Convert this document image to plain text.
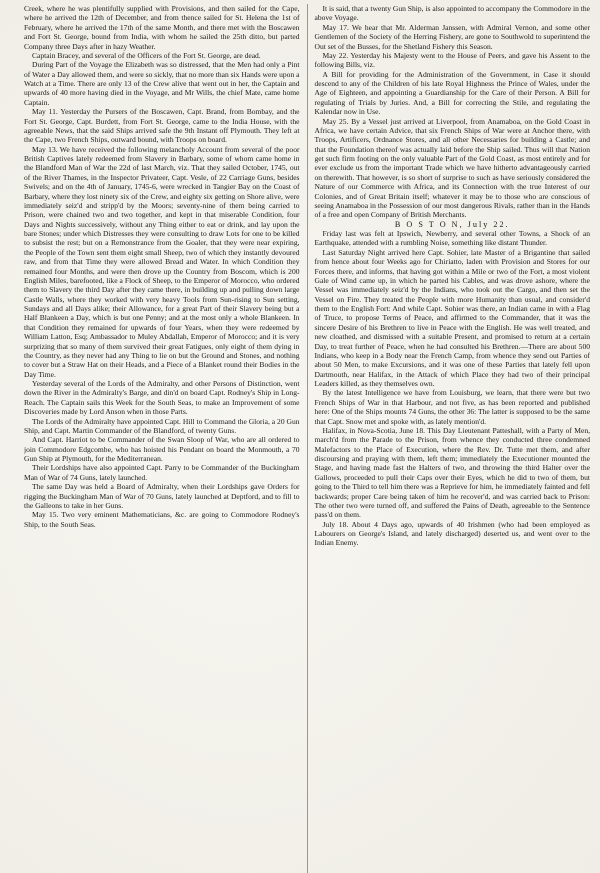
Creek, where he was plentifully supplied with Provisions, and then sailed for the Cape, where he arrived the 12th of December, and from thence sailed for St. Helena the 1st of February, where he arrived the 17th of the same Month, and there met with the Boscawen and Fort St. George, bound from India, with whom he sailed the 25th ditto, but parted Company three Days after in hazy Weather.

Captain Bracey, and several of the Officers of the Fort St. George, are dead.

During Part of the Voyage the Elizabeth was so distressed, that the Men had only a Pint of Water a Day allowed them, and were so sickly, that no more than six Hands were upon a Watch at a Time. There are only 13 of the Crew alive that went out in her, the Captain and upwards of 40 more having died in the Voyage, and Mr Wills, the chief Mate, came home Captain.

May 11. Yesterday the Pursers of the Boscawen, Capt. Brand, from Bombay, and the Fort St. George, Capt. Burdett, from Fort St. George, came to the India House, with the agreeable News, that the said Ships arrived safe the 9th Instant off Plymouth. They left at the Cape, two French Ships, outward bound, with Troops on board.

May 13. We have received the following melancholy Account from several of the poor British Captives lately redeemed from Slavery in Barbary, some of whom came home in the Blandford Man of War the 22d of last March, viz. That they sailed October, 1745, out of the River Thames, in the Inspector Privateer, Capt. Vesle, of 22 Carriage Guns, besides Swivels; and on the 4th of January, 1745-6, were wrecked in Tangier Bay on the Coast of Barbary, where they lost ninety six of the Crew, and eighty six getting on Shore alive, were immediately seiz'd and stripp'd by the Moors; seventy-nine of them being carried to Prison, were chained two and two together, and kept in that miserable Condition, four Days and Nights successively, without any Thing either to eat or drink, and lay upon the bare Stones; under which Distresses they were consulting to draw Lots for one to be killed to subsist the rest; but on a Remonstrance from the Goaler, that they were near expiring, the People of the Town sent them eight small Sheep, two of which they instantly devoured raw, and from that Time they were allowed Bread and Water. In which Condition they remained four Months, and were then drove up the Country from Boscom, which is 200 English Miles, barefooted, like a Flock of Sheep, to the Emperor of Morocco, who ordered them to Slavery the third Day after they came there, in building up and pulling down large Castle Walls, where they worked with very heavy Tools from Sun-rising to Sun setting, Sundays and all Days alike; their Allowance, for a great Part of their Slavery being but a Half Blankeen a Day, which is but one Penny; and at the most only a whole Blankeen. In that Condition they remained for upwards of four Years, when they were redeemed by William Latton, Esq; Ambassador to Muley Abdallah, Emperor of Morocco; and it is very surprizing that so many of them survived their great Fatigues, only eight of them dying in the Country, as they never had any Thing to lie on but the Ground and Stones, and nothing to cover but a Straw Hat on their Heads, and a Piece of a Blanket round their Bodies in the Day Time.

Yesterday several of the Lords of the Admiralty, and other Persons of Distinction, went down the River in the Admiralty's Barge, and din'd on board Capt. Rodney's Ship in Long-Reach. The Captain sails this Week for the South Seas, to make an Improvement of some Discoveries made by Lord Anson when in those Parts.

The Lords of the Admiralty have appointed Capt. Hill to Command the Gloria, a 20 Gun Ship, and Capt. Martin Commander of the Blandford, of twenty Guns.

And Capt. Harriot to be Commander of the Swan Sloop of War, who are all ordered to join Commodore Edgcombe, who has hoisted his Pendant on board the Monmouth, a 70 Gun Ship at Plymouth, for the Mediterranean.

Their Lordships have also appointed Capt. Parry to be Commander of the Buckingham Man of War of 74 Guns, lately launched.

The same Day was held a Board of Admiralty, when their Lordships gave Orders for rigging the Buckingham Man of War of 70 Guns, lately launched at Deptford, and to fill to the Galleons to take in her Guns.

May 15. Two very eminent Mathematicians, &c. are going to Commodore Rodney's Ship, to the South Seas.

It is said, that a twenty Gun Ship, is also appointed to accompany the Commodore in the above Voyage.

May 17. We hear that Mr. Alderman Janssen, with Admiral Vernon, and some other Gentlemen of the Society of the Herring Fishery, are gone to Southwold to superintend the Out set of the Busses, for the Shetland Fishery this Season.

May 22. Yesterday his Majesty went to the House of Peers, and gave his Assent to the following Bills, viz.

A Bill for providing for the Administration of the Government, in Case it should descend to any of the Children of his late Royal Highness the Prince of Wales, under the Age of Eighteen, and appointing a Guardianship for the Care of their Person. A Bill for regulating of Trials by Juries. And, a Bill for correcting the Stile, and regulating the Kalendar now in Use.

May 25. By a Vessel just arrived at Liverpool, from Anamaboa, on the Gold Coast in Africa, we have certain Advice, that six French Ships of War were at Anchor there, with Troops, Artificers, Ordnance Stores, and all other Necessaries for building a Castle; and that the Foundation thereof was actually laid before the Ship sailed. Thus will that Nation get such firm footing on the only valuable Part of the Gold Coast, as most entirely and for ever exclude us from the important Trade which we have hitherto advantageously carried on therewith. That however, is so short of surprise to such as have seriously considered the Nature of our Commerce with Africa, and its Connection with the true Interest of our Colonies, and of Great Britain itself; whatever it may be to those who are conscious of seeing Anamaboa in the Possession of our most dangerous Rivals, rather than in the Hands of a free and open Company of British Merchants.

B O S T O N, July 22.

Friday last was felt at Ipswich, Newberry, and several other Towns, a Shock of an Earthquake, attended with a rumbling Noise, something like distant Thunder.

Last Saturday Night arrived here Capt. Sohier, late Master of a Brigantine that sailed from hence about four Weeks ago for Chiriatto, laden with Provision and Stores for our Forces there, and informs, that having got within a Mile or two of the Fort, a most violent Gale of Wind came up, in which he parted his Cables, and was drove ashore, where the Vessel was immediately seiz'd by the Indians, who took out the Cargo, and then set the Vessel on Fire. They treated the People with more Humanity than usual, and consider'd them to the English Fort: And while Capt. Sohier was there, an Indian came in with a Flag of Truce, to propose Terms of Peace, and affirmed to the Commander, that it was the sincere Desire of his Brethren to live in Peace with the English. He was well treated, and new cloathed, and dismissed with a suitable Present, and promised to return at a certain Day, to treat further of Peace, when he had consulted his Brethren.—There are about 500 Indians, who keep in a Body near the French Camp, from whence they send out Parties of about 50 Men, to make Excursions, and it was one of these Parties that lately fell upon Dartmouth, near Halifax, in the Attack of which Place they had two of their principal Leaders killed, as they themselves own.

By the latest Intelligence we have from Louisburg, we learn, that there were but two French Ships of War in that Harbour, and not five, as has been reported and published here: One of the Ships mounts 74 Guns, the other 36: The latter is supposed to be the same that Capt. Snow met and spoke with, as lately mention'd.

Halifax, in Nova-Scotia, June 18. This Day Lieutenant Patteshall, with a Party of Men, march'd from the Parade to the Prison, from whence they conducted three condemned Malefactors to the Place of Execution, where the Rev. Dr. Tutte met them, and after discoursing and praying with them, left them; immediately the Executioner mounted the Stage, and having made fast the Halters of two, and throwing the third Halter over the Gallows, proceeded to pull their Caps over their Eyes, which he did to two of them, but going to the Third to tell him there was a Reprieve for him, he immediately fainted and fell backwards; proper Care being taken of him he recover'd, and was carried back to Prison: The other two were turned off, and suffered the Pains of Death, agreeable to the Sentence pass'd on them.

July 18. About 4 Days ago, upwards of 40 Irishmen (who had been employed as Labourers on George's Island, and lately discharged) deserted us, and went over to the Indian Enemy.
